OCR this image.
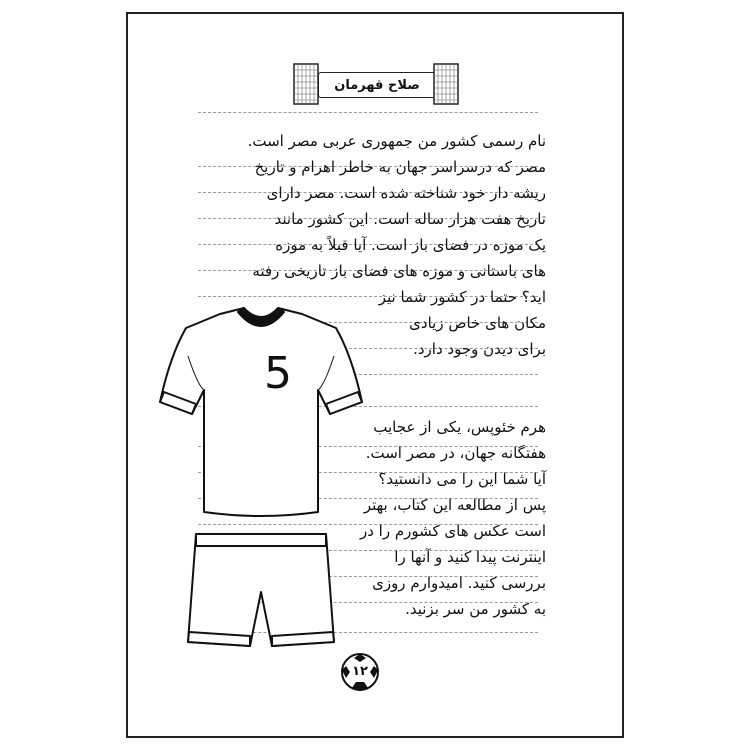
صلاح قهرمان
نام رسمی کشور من جمهوری عربی مصر است.
مصر که درسراسر جهان به خاطر اهرام و تاریخ
ریشه دار خود شناخته شده است. مصر دارای
تاریخ هفت هزار ساله است. این کشور مانند
یک موزه در فضای باز است. آیا قبلاً به موزه
های باستانی و موزه های فضای باز تاریخی رفته
اید؟ حتما در کشور شما نیز
مکان های خاص زیادی
برای دیدن وجود دارد.
هرم خئوپس، یکی از عجایب
هفتگانه جهان، در مصر است.
آیا شما این را می دانستید؟
پس از مطالعه این کتاب، بهتر
است عکس های کشورم را در
اینترنت پیدا کنید و آنها را
بررسی کنید. امیدوارم روزی
به کشور من سر بزنید.
5
۱۲
